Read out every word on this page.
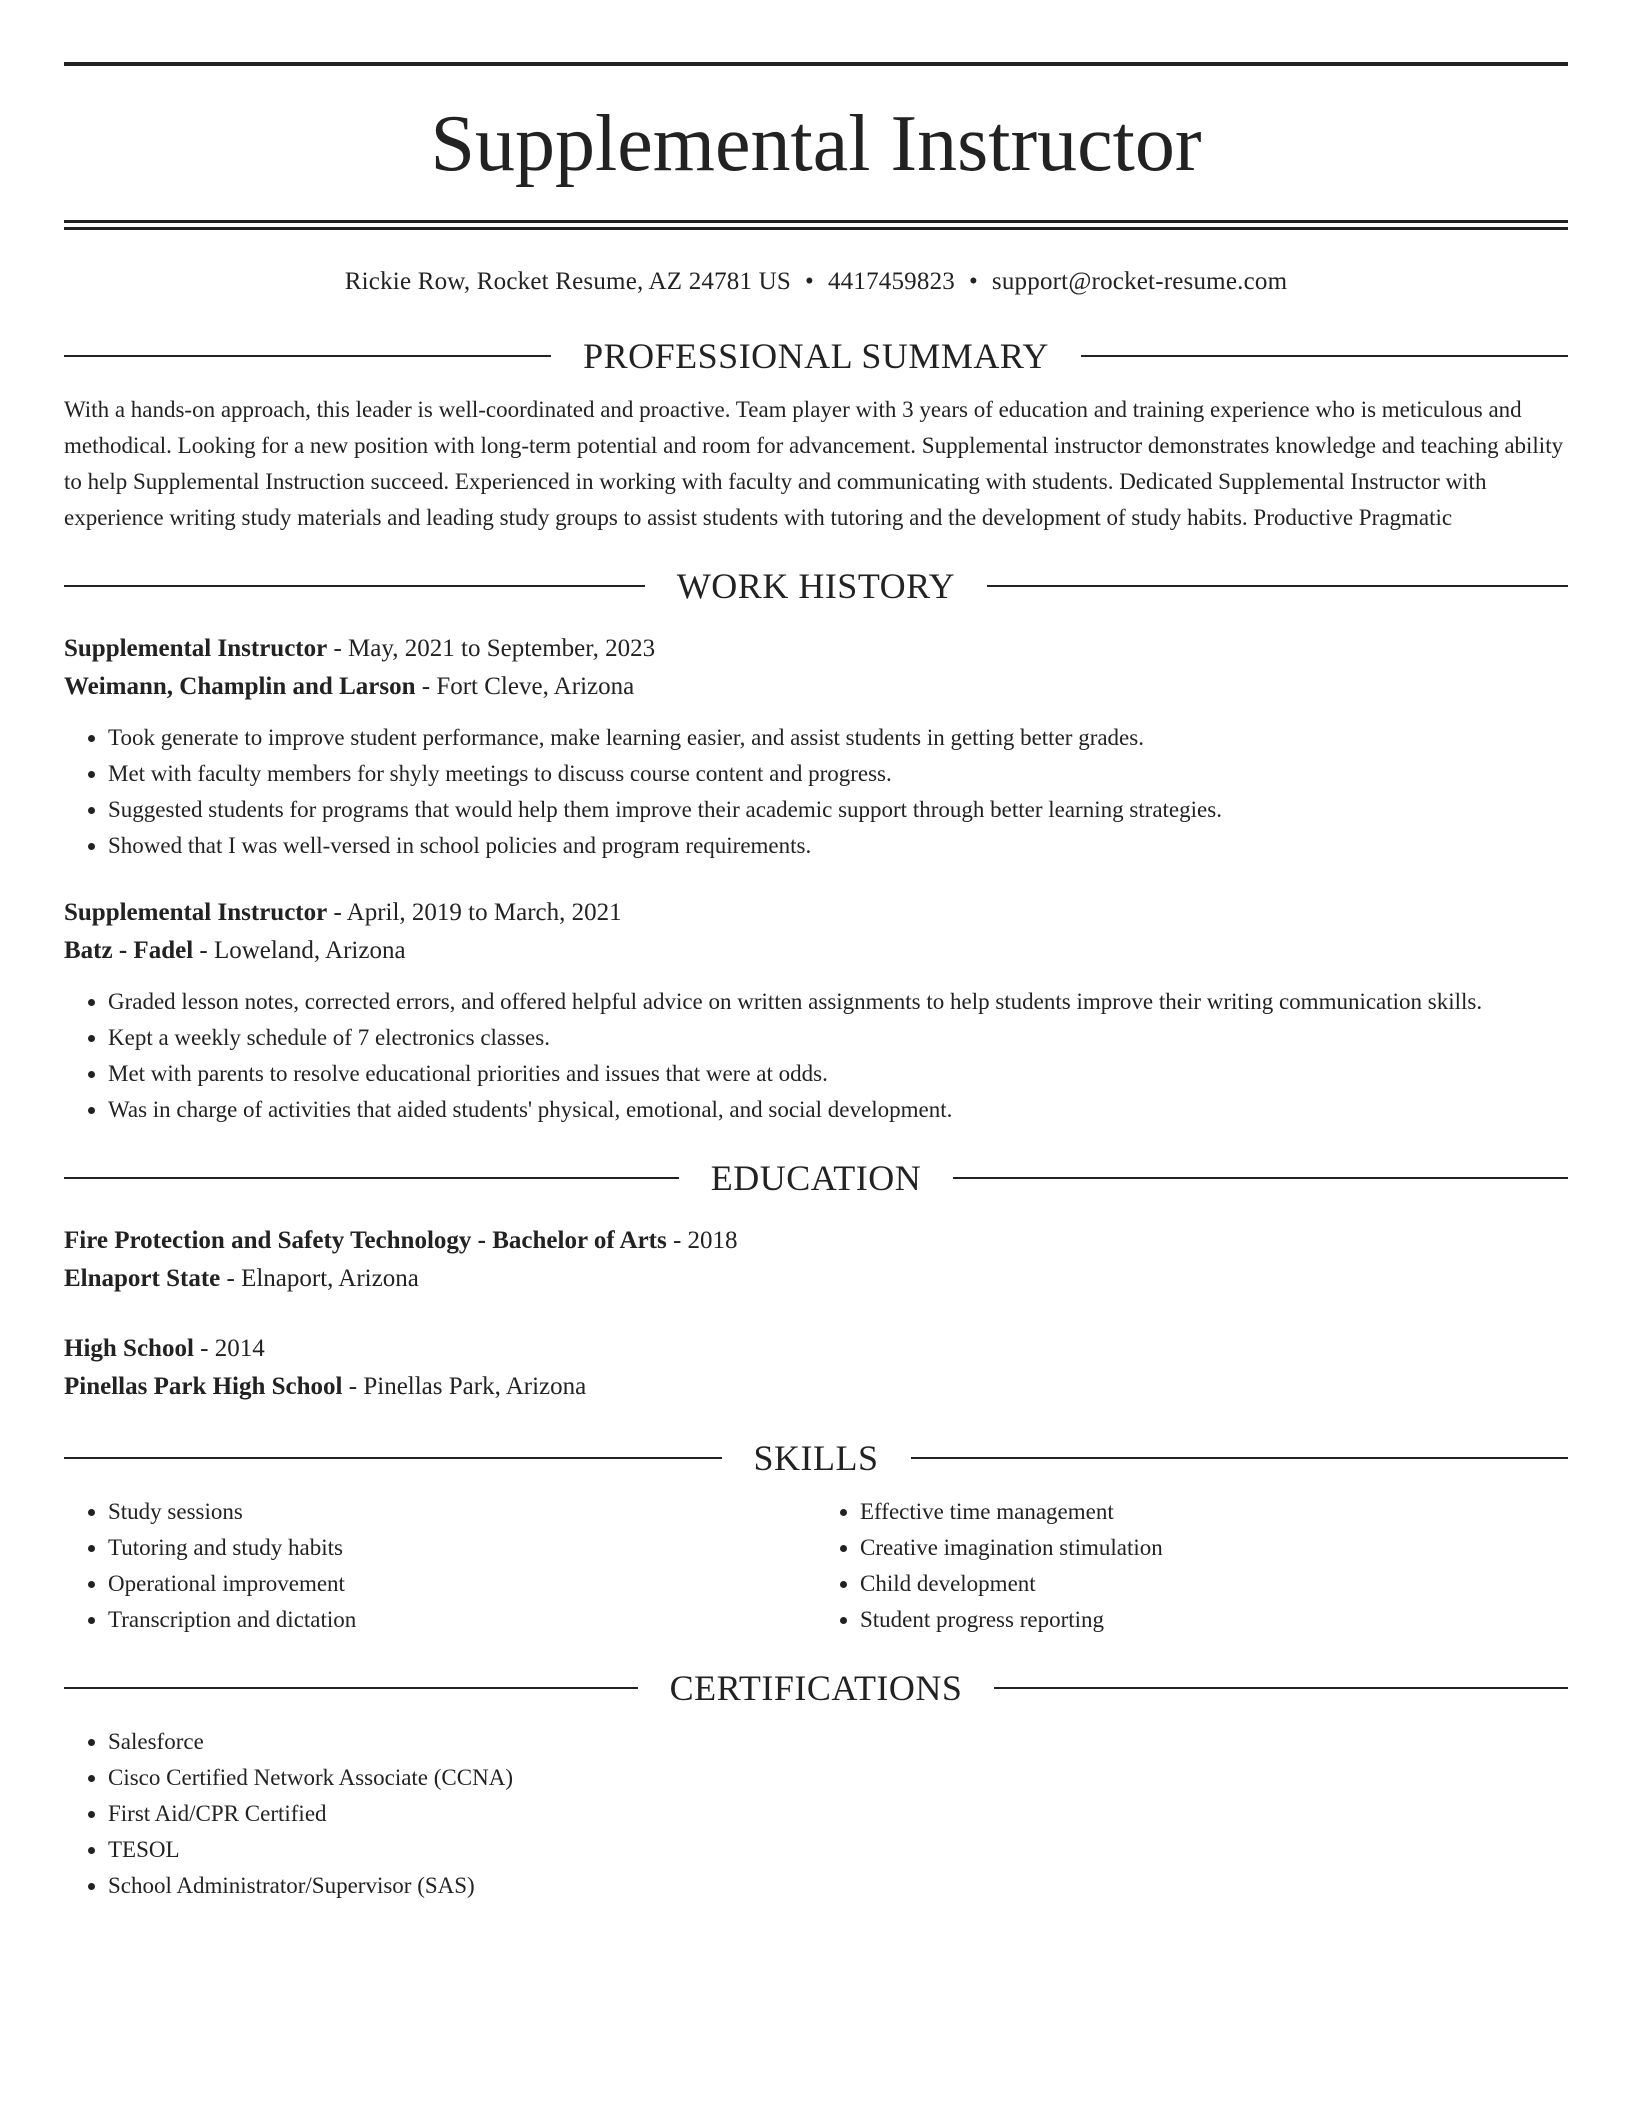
Supplemental Instructor
Rickie Row, Rocket Resume, AZ 24781 US • 4417459823 • support@rocket-resume.com
PROFESSIONAL SUMMARY
With a hands-on approach, this leader is well-coordinated and proactive. Team player with 3 years of education and training experience who is meticulous and methodical. Looking for a new position with long-term potential and room for advancement. Supplemental instructor demonstrates knowledge and teaching ability to help Supplemental Instruction succeed. Experienced in working with faculty and communicating with students. Dedicated Supplemental Instructor with experience writing study materials and leading study groups to assist students with tutoring and the development of study habits. Productive Pragmatic
WORK HISTORY
Supplemental Instructor - May, 2021 to September, 2023
Weimann, Champlin and Larson - Fort Cleve, Arizona
• Took generate to improve student performance, make learning easier, and assist students in getting better grades.
• Met with faculty members for shyly meetings to discuss course content and progress.
• Suggested students for programs that would help them improve their academic support through better learning strategies.
• Showed that I was well-versed in school policies and program requirements.
Supplemental Instructor - April, 2019 to March, 2021
Batz - Fadel - Loweland, Arizona
• Graded lesson notes, corrected errors, and offered helpful advice on written assignments to help students improve their writing communication skills.
• Kept a weekly schedule of 7 electronics classes.
• Met with parents to resolve educational priorities and issues that were at odds.
• Was in charge of activities that aided students' physical, emotional, and social development.
EDUCATION
Fire Protection and Safety Technology - Bachelor of Arts - 2018
Elnaport State - Elnaport, Arizona
High School - 2014
Pinellas Park High School - Pinellas Park, Arizona
SKILLS
• Study sessions
• Tutoring and study habits
• Operational improvement
• Transcription and dictation
• Effective time management
• Creative imagination stimulation
• Child development
• Student progress reporting
CERTIFICATIONS
• Salesforce
• Cisco Certified Network Associate (CCNA)
• First Aid/CPR Certified
• TESOL
• School Administrator/Supervisor (SAS)
